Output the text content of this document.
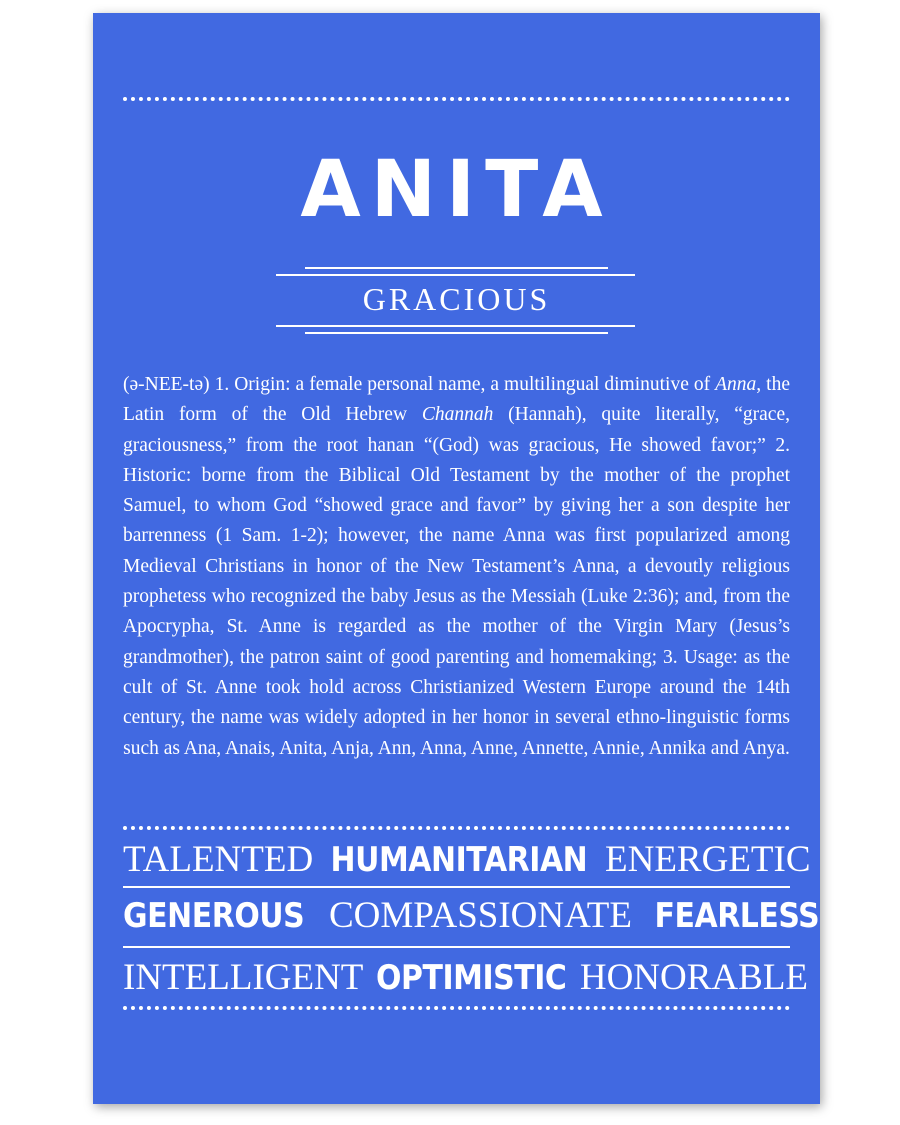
ANITA
GRACIOUS
(ə-NEE-tə) 1. Origin: a female personal name, a multilingual diminutive of Anna, the Latin form of the Old Hebrew Channah (Hannah), quite literally, “grace, graciousness,” from the root hanan “(God) was gracious, He showed favor;” 2. Historic: borne from the Biblical Old Testament by the mother of the prophet Samuel, to whom God “showed grace and favor” by giving her a son despite her barrenness (1 Sam. 1-2); however, the name Anna was first popularized among Medieval Christians in honor of the New Testament’s Anna, a devoutly religious prophetess who recognized the baby Jesus as the Messiah (Luke 2:36); and, from the Apocrypha, St. Anne is regarded as the mother of the Virgin Mary (Jesus’s grandmother), the patron saint of good parenting and homemaking; 3. Usage: as the cult of St. Anne took hold across Christianized Western Europe around the 14th century, the name was widely adopted in her honor in several ethno-linguistic forms such as Ana, Anais, Anita, Anja, Ann, Anna, Anne, Annette, Annie, Annika and Anya.
TALENTED HUMANITARIAN ENERGETIC
GENEROUS COMPASSIONATE FEARLESS
INTELLIGENT OPTIMISTIC HONORABLE
